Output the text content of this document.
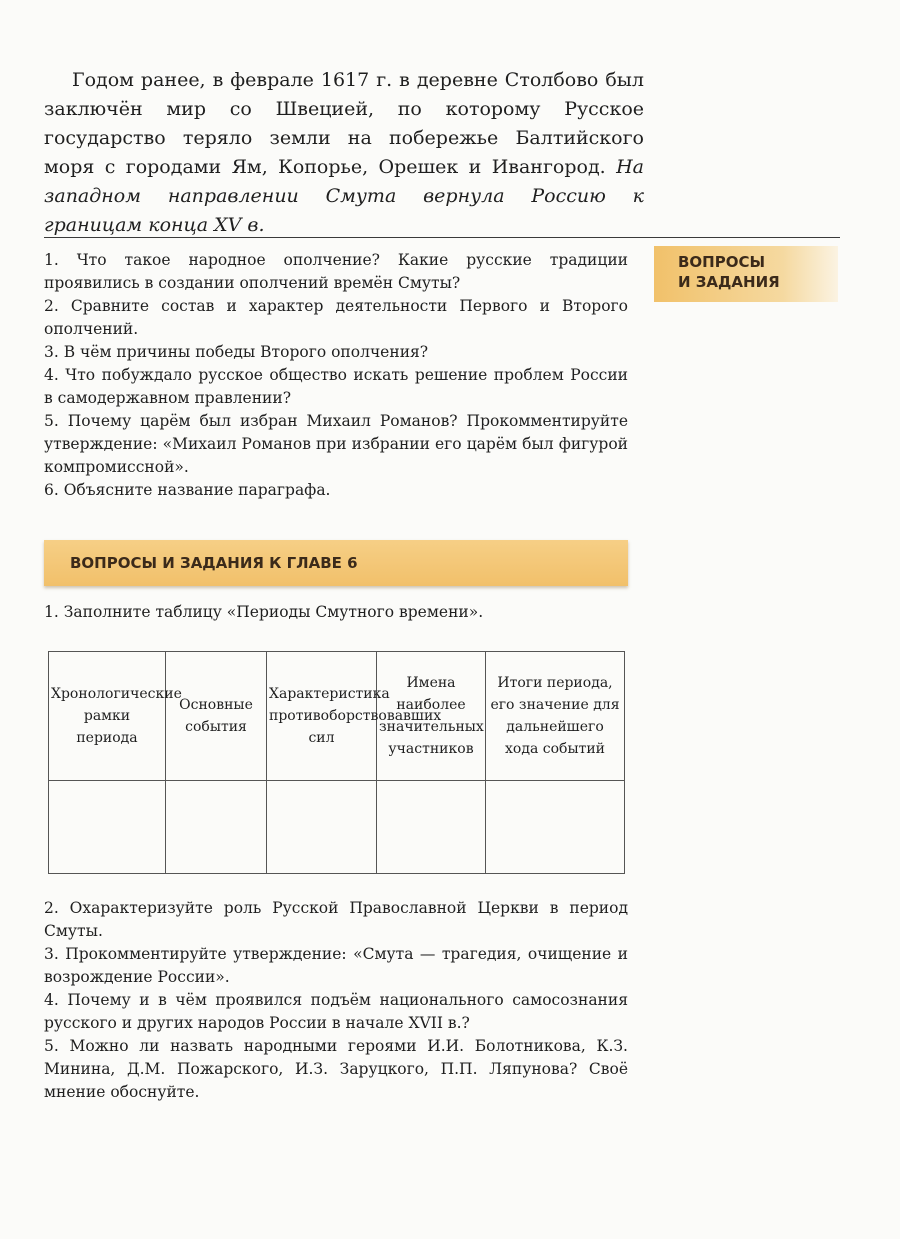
Годом ранее, в феврале 1617 г. в деревне Столбово был заключён мир со Швецией, по которому Русское государство теряло земли на побережье Балтийского моря с городами Ям, Копорье, Орешек и Ивангород. На западном направлении Смута вернула Россию к границам конца XV в.

ВОПРОСЫ
И ЗАДАНИЯ
1. Что такое народное ополчение? Какие русские традиции проявились в создании ополчений времён Смуты?
2. Сравните состав и характер деятельности Первого и Второго ополчений.
3. В чём причины победы Второго ополчения?
4. Что побуждало русское общество искать решение проблем России в самодержавном правлении?
5. Почему царём был избран Михаил Романов? Прокомментируйте утверждение: «Михаил Романов при избрании его царём был фигурой компромиссной».
6. Объясните название параграфа.
ВОПРОСЫ И ЗАДАНИЯ К ГЛАВЕ 6
1. Заполните таблицу «Периоды Смутного времени».
Хронологические рамки периода	Основные события	Характеристика противоборствовавших сил	Имена наиболее значительных участников	Итоги периода, его значение для дальнейшего хода событий

2. Охарактеризуйте роль Русской Православной Церкви в период Смуты.
3. Прокомментируйте утверждение: «Смута — трагедия, очищение и возрождение России».
4. Почему и в чём проявился подъём национального самосознания русского и других народов России в начале XVII в.?
5. Можно ли назвать народными героями И.И. Болотникова, К.З. Минина, Д.М. Пожарского, И.З. Заруцкого, П.П. Ляпунова? Своё мнение обоснуйте.
